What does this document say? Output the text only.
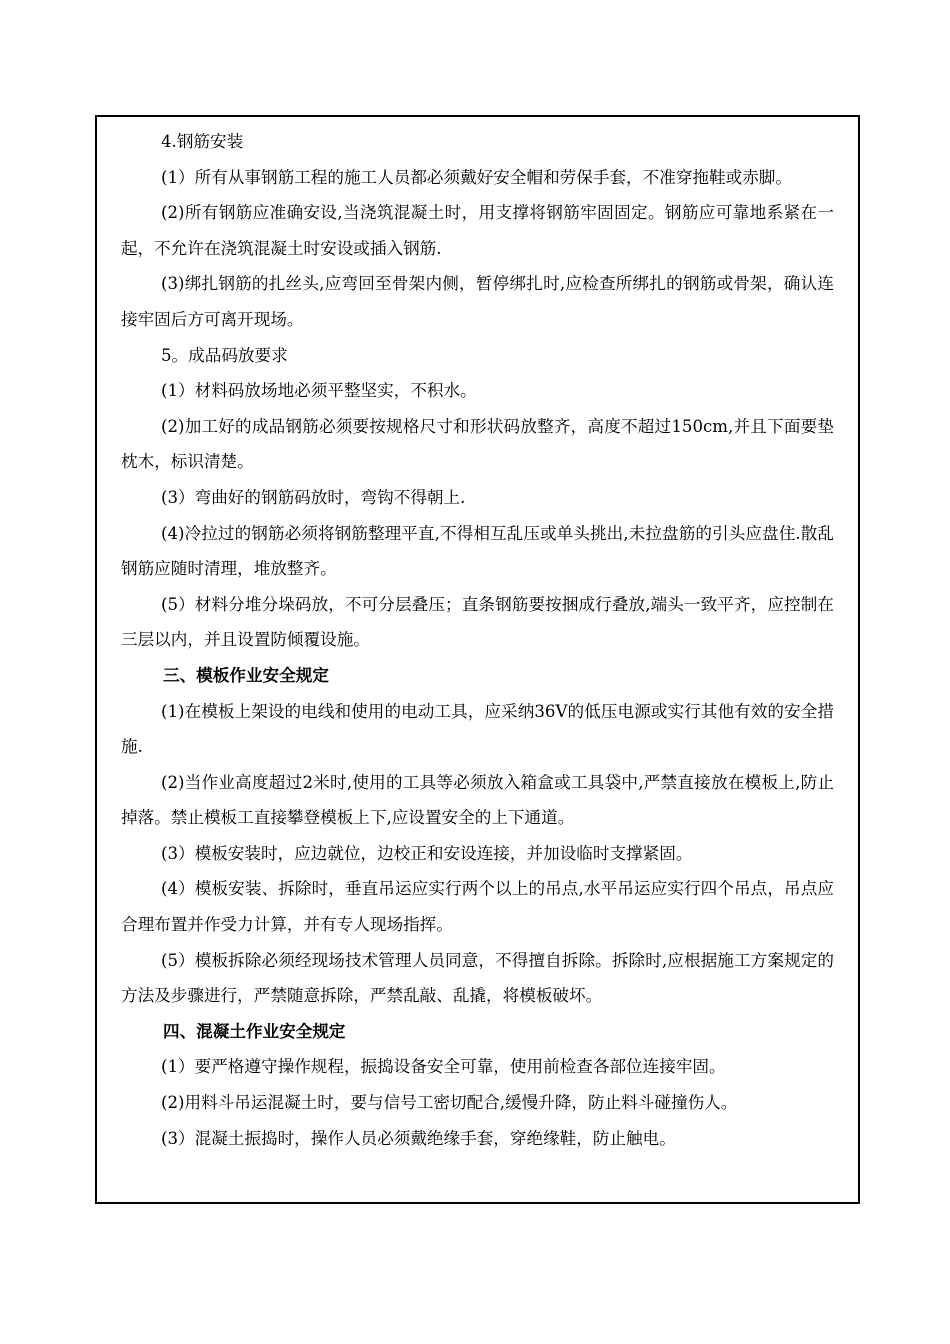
4.钢筋安装

(1）所有从事钢筋工程的施工人员都必须戴好安全帽和劳保手套，不准穿拖鞋或赤脚。

(2)所有钢筋应准确安设,当浇筑混凝土时，用支撑将钢筋牢固固定。钢筋应可靠地系紧在一起，不允许在浇筑混凝土时安设或插入钢筋.

(3)绑扎钢筋的扎丝头,应弯回至骨架内侧，暂停绑扎时,应检查所绑扎的钢筋或骨架，确认连接牢固后方可离开现场。

5。成品码放要求

(1）材料码放场地必须平整坚实，不积水。

(2)加工好的成品钢筋必须要按规格尺寸和形状码放整齐，高度不超过150cm,并且下面要垫枕木，标识清楚。

(3）弯曲好的钢筋码放时，弯钩不得朝上.

(4)冷拉过的钢筋必须将钢筋整理平直,不得相互乱压或单头挑出,未拉盘筋的引头应盘住.散乱钢筋应随时清理，堆放整齐。

(5）材料分堆分垛码放，不可分层叠压；直条钢筋要按捆成行叠放,端头一致平齐，应控制在三层以内，并且设置防倾覆设施。

三、模板作业安全规定

(1)在模板上架设的电线和使用的电动工具，应采纳36V的低压电源或实行其他有效的安全措施.

(2)当作业高度超过2米时,使用的工具等必须放入箱盒或工具袋中,严禁直接放在模板上,防止掉落。禁止模板工直接攀登模板上下,应设置安全的上下通道。

(3）模板安装时，应边就位，边校正和安设连接，并加设临时支撑紧固。

(4）模板安装、拆除时，垂直吊运应实行两个以上的吊点,水平吊运应实行四个吊点，吊点应合理布置并作受力计算，并有专人现场指挥。

(5）模板拆除必须经现场技术管理人员同意，不得擅自拆除。拆除时,应根据施工方案规定的方法及步骤进行，严禁随意拆除，严禁乱敲、乱撬，将模板破坏。

四、混凝土作业安全规定

(1）要严格遵守操作规程，振捣设备安全可靠，使用前检查各部位连接牢固。

(2)用料斗吊运混凝土时，要与信号工密切配合,缓慢升降，防止料斗碰撞伤人。

(3）混凝土振捣时，操作人员必须戴绝缘手套，穿绝缘鞋，防止触电。
